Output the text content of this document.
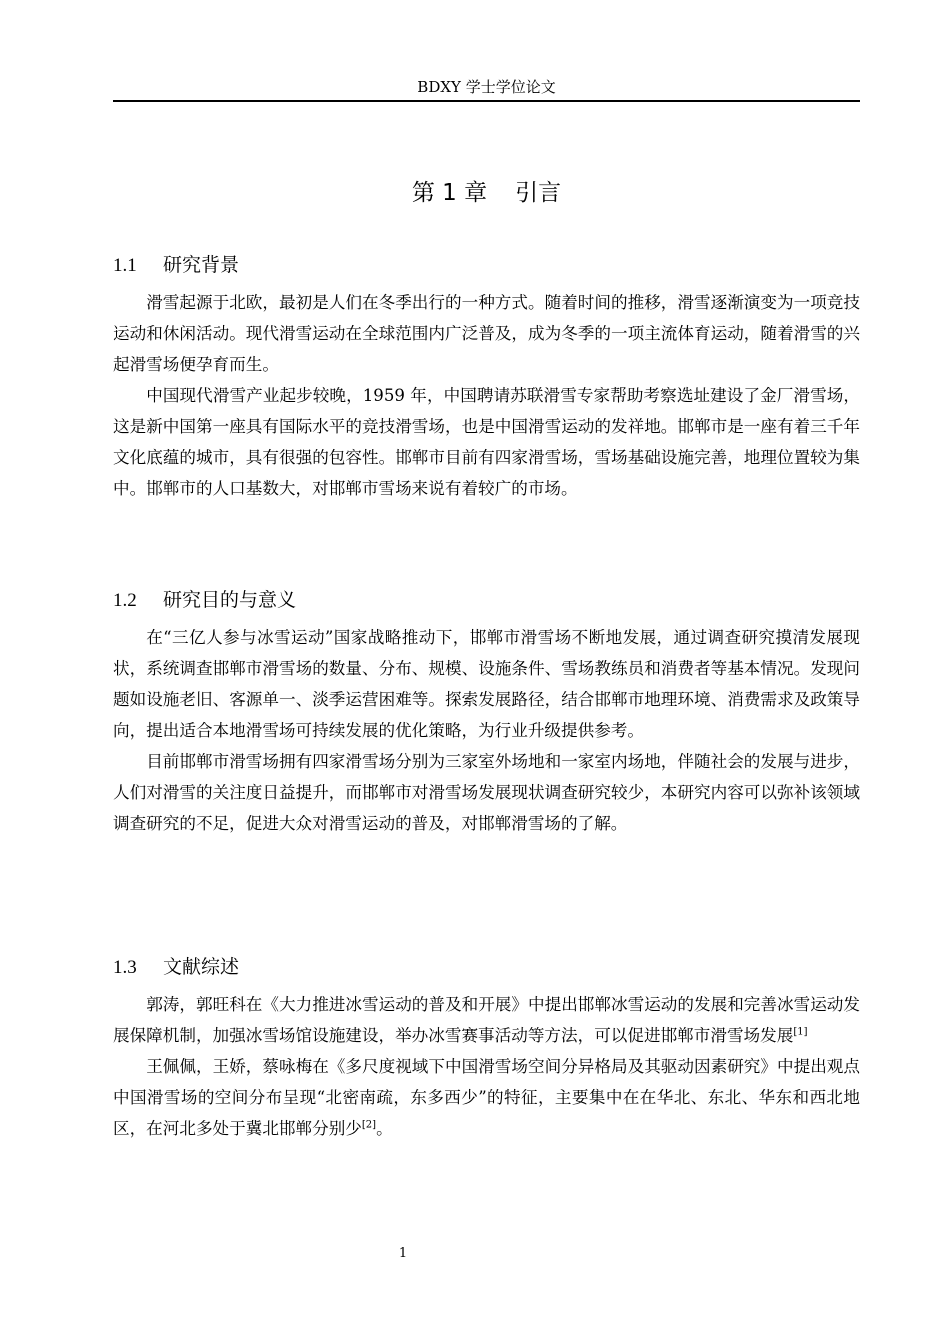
BDXY 学士学位论文
第 1 章 引言
1.1 研究背景

滑雪起源于北欧，最初是人们在冬季出行的一种方式。随着时间的推移，滑雪逐渐演变为一项竞技运动和休闲活动。现代滑雪运动在全球范围内广泛普及，成为冬季的一项主流体育运动，随着滑雪的兴起滑雪场便孕育而生。

中国现代滑雪产业起步较晚，1959 年，中国聘请苏联滑雪专家帮助考察选址建设了金厂滑雪场，这是新中国第一座具有国际水平的竞技滑雪场，也是中国滑雪运动的发祥地。邯郸市是一座有着三千年文化底蕴的城市，具有很强的包容性。邯郸市目前有四家滑雪场，雪场基础设施完善，地理位置较为集中。邯郸市的人口基数大，对邯郸市雪场来说有着较广的市场。

1.2 研究目的与意义

在“三亿人参与冰雪运动”国家战略推动下，邯郸市滑雪场不断地发展，通过调查研究摸清发展现状，系统调查邯郸市滑雪场的数量、分布、规模、设施条件、雪场教练员和消费者等基本情况。发现问题如设施老旧、客源单一、淡季运营困难等。探索发展路径，结合邯郸市地理环境、消费需求及政策导向，提出适合本地滑雪场可持续发展的优化策略，为行业升级提供参考。

目前邯郸市滑雪场拥有四家滑雪场分别为三家室外场地和一家室内场地，伴随社会的发展与进步，人们对滑雪的关注度日益提升，而邯郸市对滑雪场发展现状调查研究较少，本研究内容可以弥补该领域调查研究的不足，促进大众对滑雪运动的普及，对邯郸滑雪场的了解。

1.3 文献综述

郭涛，郭旺科在《大力推进冰雪运动的普及和开展》中提出邯郸冰雪运动的发展和完善冰雪运动发展保障机制，加强冰雪场馆设施建设，举办冰雪赛事活动等方法，可以促进邯郸市滑雪场发展[1]

王佩佩，王娇，蔡咏梅在《多尺度视域下中国滑雪场空间分异格局及其驱动因素研究》中提出观点中国滑雪场的空间分布呈现“北密南疏，东多西少”的特征，主要集中在在华北、东北、华东和西北地区，在河北多处于冀北邯郸分别少[2]。

1
